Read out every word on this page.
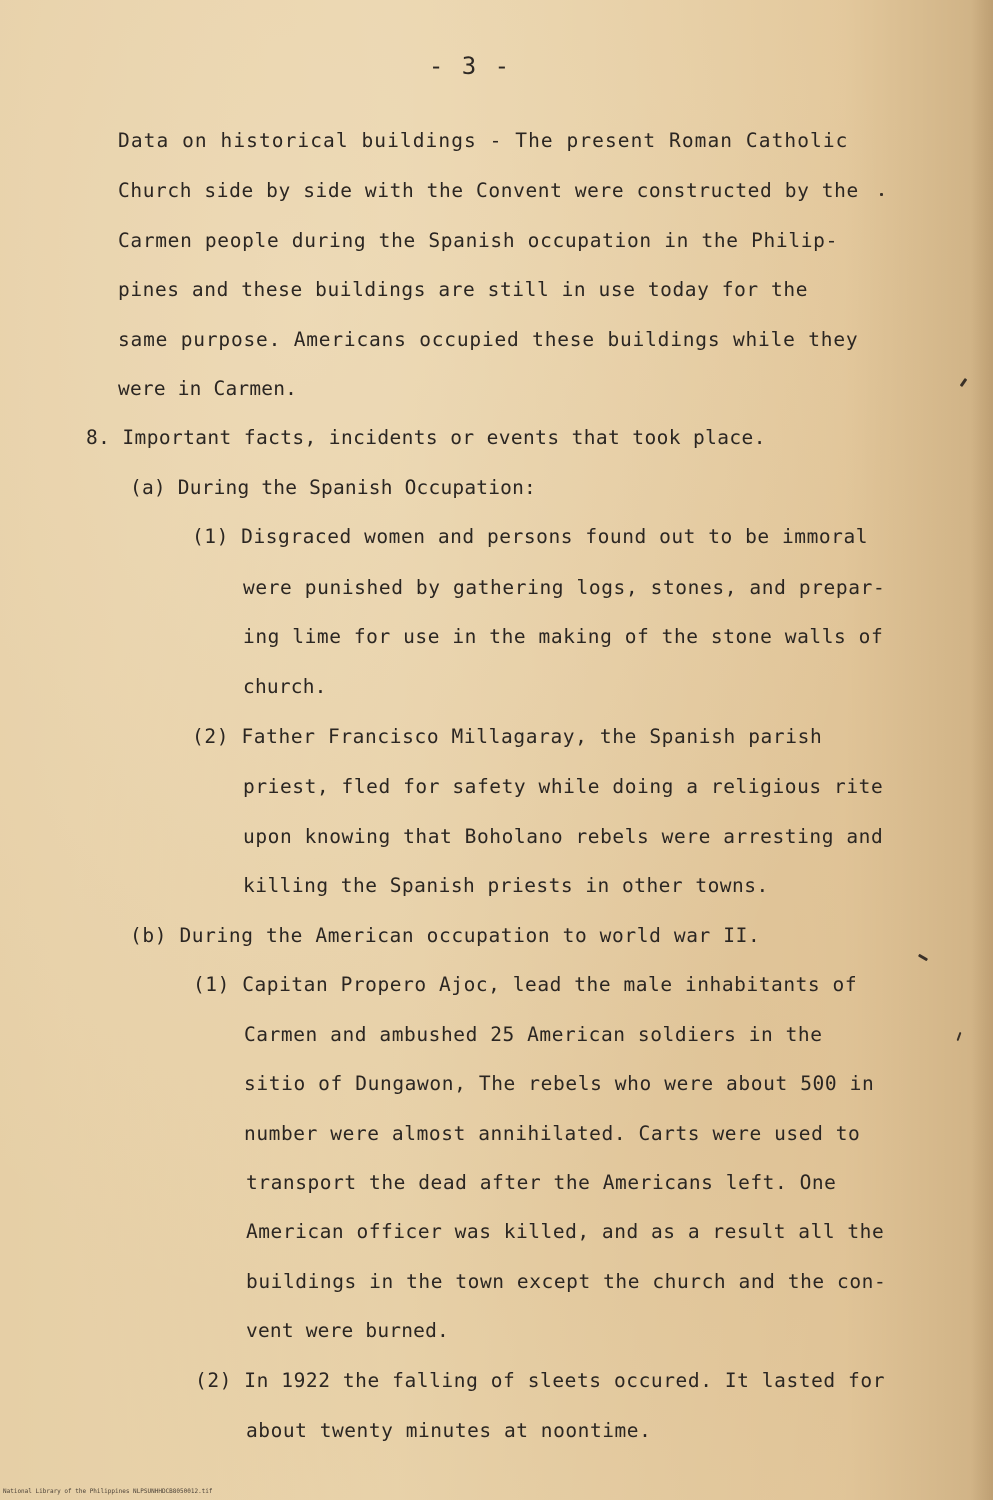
- 3 -
Data on historical buildings - The present Roman Catholic
Church side by side with the Convent were constructed by the
Carmen people during the Spanish occupation in the Philip-
pines and these buildings are still in use today for the
same purpose. Americans occupied these buildings while they
were in Carmen.
8. Important facts, incidents or events that took place.
(a) During the Spanish Occupation:
(1) Disgraced women and persons found out to be immoral
were punished by gathering logs, stones, and prepar-
ing lime for use in the making of the stone walls of
church.
(2) Father Francisco Millagaray, the Spanish parish
priest, fled for safety while doing a religious rite
upon knowing that Boholano rebels were arresting and
killing the Spanish priests in other towns.
(b) During the American occupation to world war II.
(1) Capitan Propero Ajoc, lead the male inhabitants of
Carmen and ambushed 25 American soldiers in the
sitio of Dungawon, The rebels who were about 500 in
number were almost annihilated. Carts were used to
transport the dead after the Americans left. One
American officer was killed, and as a result all the
buildings in the town except the church and the con-
vent were burned.
(2) In 1922 the falling of sleets occured. It lasted for
about twenty minutes at noontime.
National Library of the Philippines NLPSUNHHDCB8050012.tif
